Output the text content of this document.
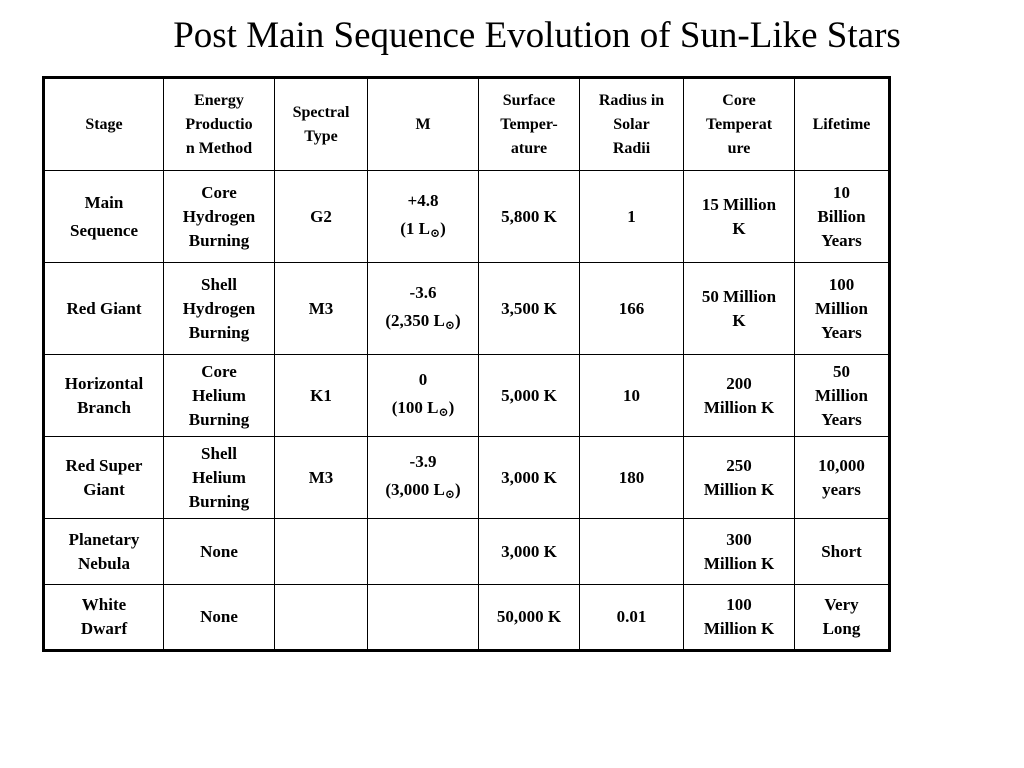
Post Main Sequence Evolution of Sun-Like Stars
Stage	Energy
Productio
n Method	Spectral
Type	M	Surface
Temper-
ature	Radius in
Solar
Radii	Core
Temperat
ure	Lifetime

Main
Sequence	Core
Hydrogen
Burning	G2	+4.8
(1 L⊙)	5,800 K	1	15 Million
K	10
Billion
Years

Red Giant	Shell
Hydrogen
Burning	M3	-3.6
(2,350 L⊙)	3,500 K	166	50 Million
K	100
Million
Years

Horizontal
Branch	Core
Helium
Burning	K1	0
(100 L⊙)	5,000 K	10	200
Million K	50
Million
Years

Red Super
Giant	Shell
Helium
Burning	M3	-3.9
(3,000 L⊙)	3,000 K	180	250
Million K	10,000
years

Planetary
Nebula	None			3,000 K		300
Million K	Short

White
Dwarf	None			50,000 K	0.01	100
Million K	Very
Long
